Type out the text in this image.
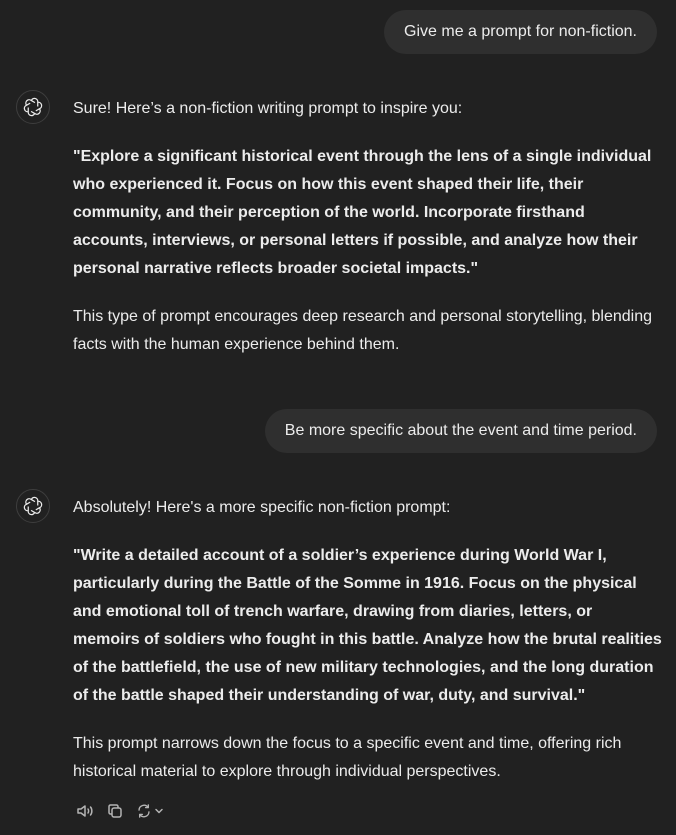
Give me a prompt for non-fiction.

Sure! Here’s a non-fiction writing prompt to inspire you:

"Explore a significant historical event through the lens of a single individual who experienced it. Focus on how this event shaped their life, their community, and their perception of the world. Incorporate firsthand accounts, interviews, or personal letters if possible, and analyze how their personal narrative reflects broader societal impacts."

This type of prompt encourages deep research and personal storytelling, blending facts with the human experience behind them.

Be more specific about the event and time period.

Absolutely! Here's a more specific non-fiction prompt:

"Write a detailed account of a soldier’s experience during World War I, particularly during the Battle of the Somme in 1916. Focus on the physical and emotional toll of trench warfare, drawing from diaries, letters, or memoirs of soldiers who fought in this battle. Analyze how the brutal realities of the battlefield, the use of new military technologies, and the long duration of the battle shaped their understanding of war, duty, and survival."

This prompt narrows down the focus to a specific event and time, offering rich historical material to explore through individual perspectives.
